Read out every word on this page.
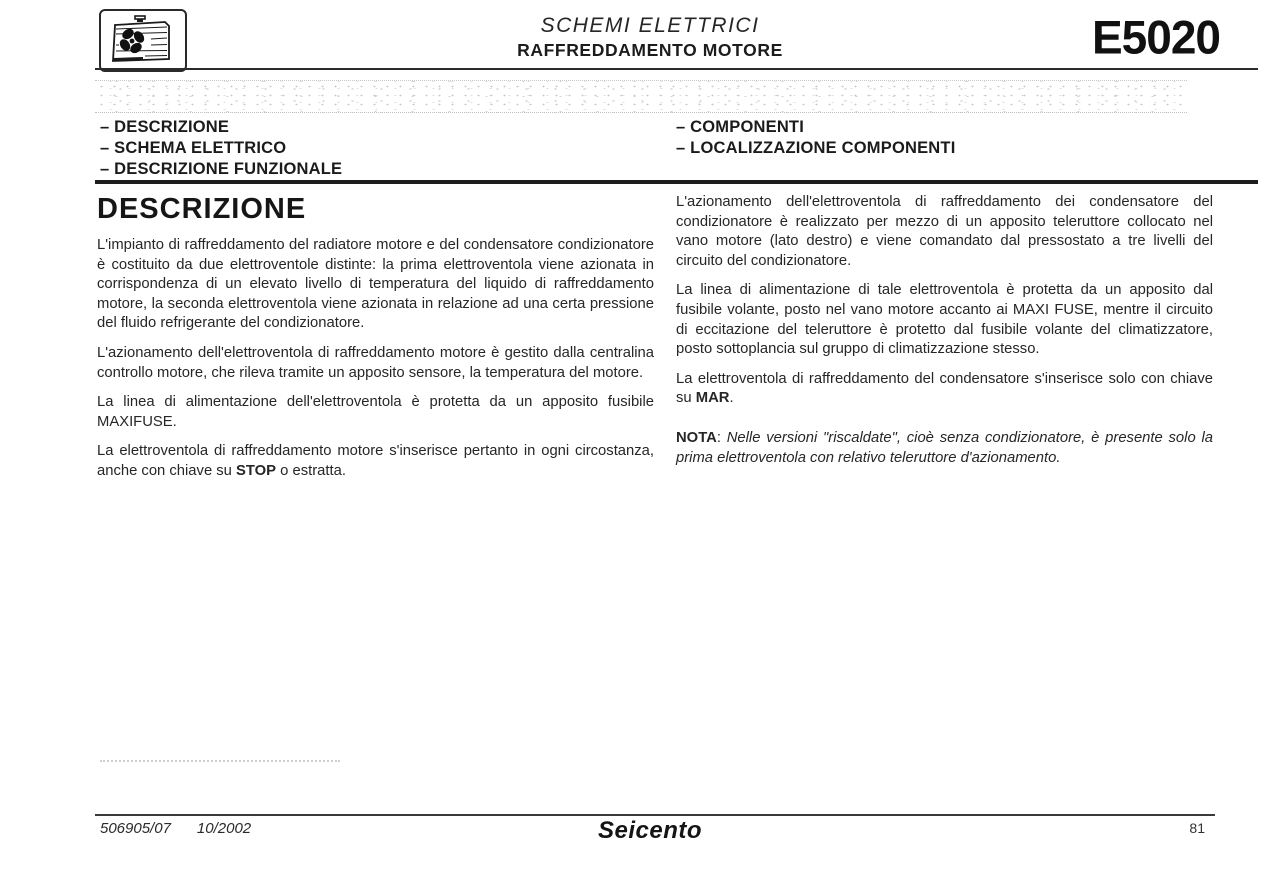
SCHEMI ELETTRICI
RAFFREDDAMENTO MOTORE	E5020
– DESCRIZIONE
– SCHEMA ELETTRICO
– DESCRIZIONE FUNZIONALE
– COMPONENTI
– LOCALIZZAZIONE COMPONENTI
DESCRIZIONE

L'impianto di raffreddamento del radiatore motore e del condensatore condizionatore è costituito da due elettroventole distinte: la prima elettroventola viene azionata in corrispondenza di un elevato livello di temperatura del liquido di raffreddamento motore, la seconda elettroventola viene azionata in relazione ad una certa pressione del fluido refrigerante del condizionatore.

L'azionamento dell'elettroventola di raffreddamento motore è gestito dalla centralina controllo motore, che rileva tramite un apposito sensore, la temperatura del motore.

La linea di alimentazione dell'elettroventola è protetta da un apposito fusibile MAXIFUSE.

La elettroventola di raffreddamento motore s'inserisce pertanto in ogni circostanza, anche con chiave su STOP o estratta.

L'azionamento dell'elettroventola di raffreddamento dei condensatore del condizionatore è realizzato per mezzo di un apposito teleruttore collocato nel vano motore (lato destro) e viene comandato dal pressostato a tre livelli del circuito del condizionatore.

La linea di alimentazione di tale elettroventola è protetta da un apposito dal fusibile volante, posto nel vano motore accanto ai MAXI FUSE, mentre il circuito di eccitazione del teleruttore è protetto dal fusibile volante del climatizzatore, posto sottoplancia sul gruppo di climatizzazione stesso.

La elettroventola di raffreddamento del condensatore s'inserisce solo con chiave su MAR.

NOTA: Nelle versioni "riscaldate", cioè senza condizionatore, è presente solo la prima elettroventola con relativo teleruttore d'azionamento.

506905/07 10/2002	Seicento	81
